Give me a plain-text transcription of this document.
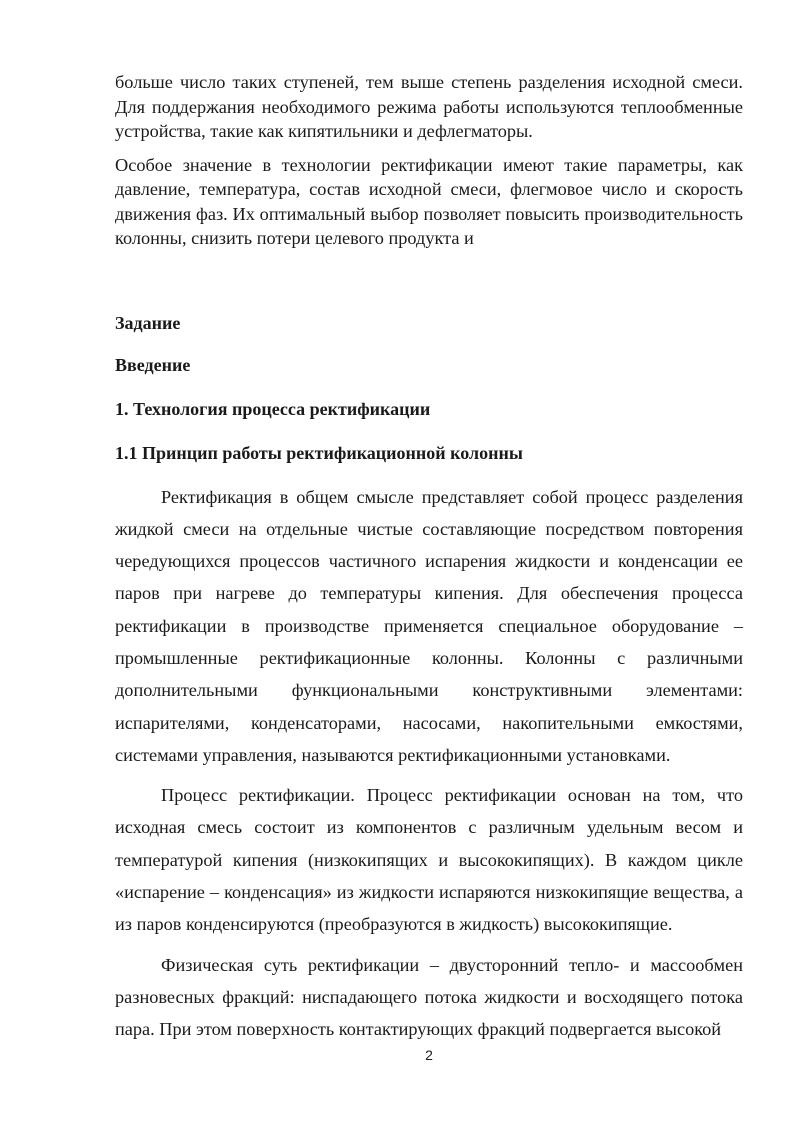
больше число таких ступеней, тем выше степень разделения исходной смеси. Для поддержания необходимого режима работы используются теплообменные устройства, такие как кипятильники и дефлегматоры.

Особое значение в технологии ректификации имеют такие параметры, как давление, температура, состав исходной смеси, флегмовое число и скорость движения фаз. Их оптимальный выбор позволяет повысить производительность колонны, снизить потери целевого продукта и

Задание

Введение

1. Технология процесса ректификации

1.1 Принцип работы ректификационной колонны

Ректификация в общем смысле представляет собой процесс разделения жидкой смеси на отдельные чистые составляющие посредством повторения чередующихся процессов частичного испарения жидкости и конденсации ее паров при нагреве до температуры кипения. Для обеспечения процесса ректификации в производстве применяется специальное оборудование – промышленные ректификационные колонны. Колонны с различными дополнительными функциональными конструктивными элементами: испарителями, конденсаторами, насосами, накопительными емкостями, системами управления, называются ректификационными установками.

Процесс ректификации. Процесс ректификации основан на том, что исходная смесь состоит из компонентов с различным удельным весом и температурой кипения (низкокипящих и высококипящих). В каждом цикле «испарение – конденсация» из жидкости испаряются низкокипящие вещества, а из паров конденсируются (преобразуются в жидкость) высококипящие.

Физическая суть ректификации – двусторонний тепло- и массообмен разновесных фракций: ниспадающего потока жидкости и восходящего потока пара. При этом поверхность контактирующих фракций подвергается высокой

2
